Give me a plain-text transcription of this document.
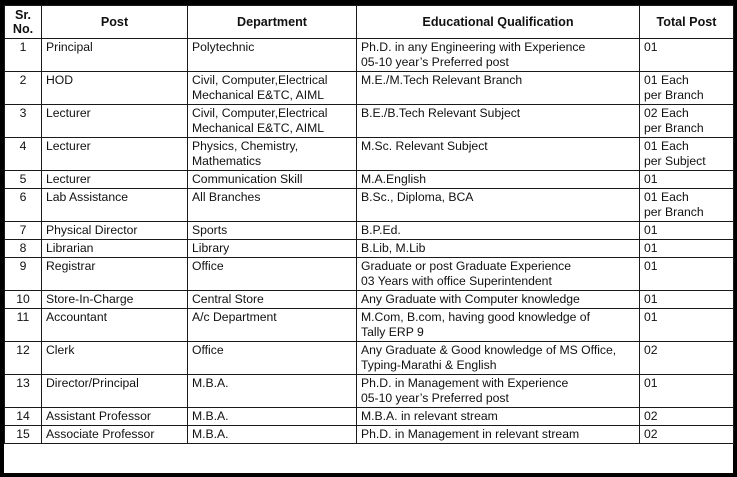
Sr.
No.	Post	Department	Educational Qualification	Total Post
1	Principal	Polytechnic	Ph.D. in any Engineering with Experience
05-10 year’s Preferred post	01

2	HOD	Civil, Computer,Electrical
Mechanical E&TC, AIML	M.E./M.Tech Relevant Branch	01 Each
per Branch

3	Lecturer	Civil, Computer,Electrical
Mechanical E&TC, AIML	B.E./B.Tech Relevant Subject	02 Each
per Branch

4	Lecturer	Physics, Chemistry,
Mathematics	M.Sc. Relevant Subject	01 Each
per Subject

5	Lecturer	Communication Skill	M.A.English	01

6	Lab Assistance	All Branches	B.Sc., Diploma, BCA	01 Each
per Branch

7	Physical Director	Sports	B.P.Ed.	01

8	Librarian	Library	B.Lib, M.Lib	01

9	Registrar	Office	Graduate or post Graduate Experience
03 Years with office Superintendent	01

10	Store-In-Charge	Central Store	Any Graduate with Computer knowledge	01

11	Accountant	A/c Department	M.Com, B.com, having good knowledge of
Tally ERP 9	01

12	Clerk	Office	Any Graduate & Good knowledge of MS Office,
Typing-Marathi & English	02

13	Director/Principal	M.B.A.	Ph.D. in Management with Experience
05-10 year’s Preferred post	01

14	Assistant Professor	M.B.A.	M.B.A. in relevant stream	02

15	Associate Professor	M.B.A.	Ph.D. in Management in relevant stream	02
